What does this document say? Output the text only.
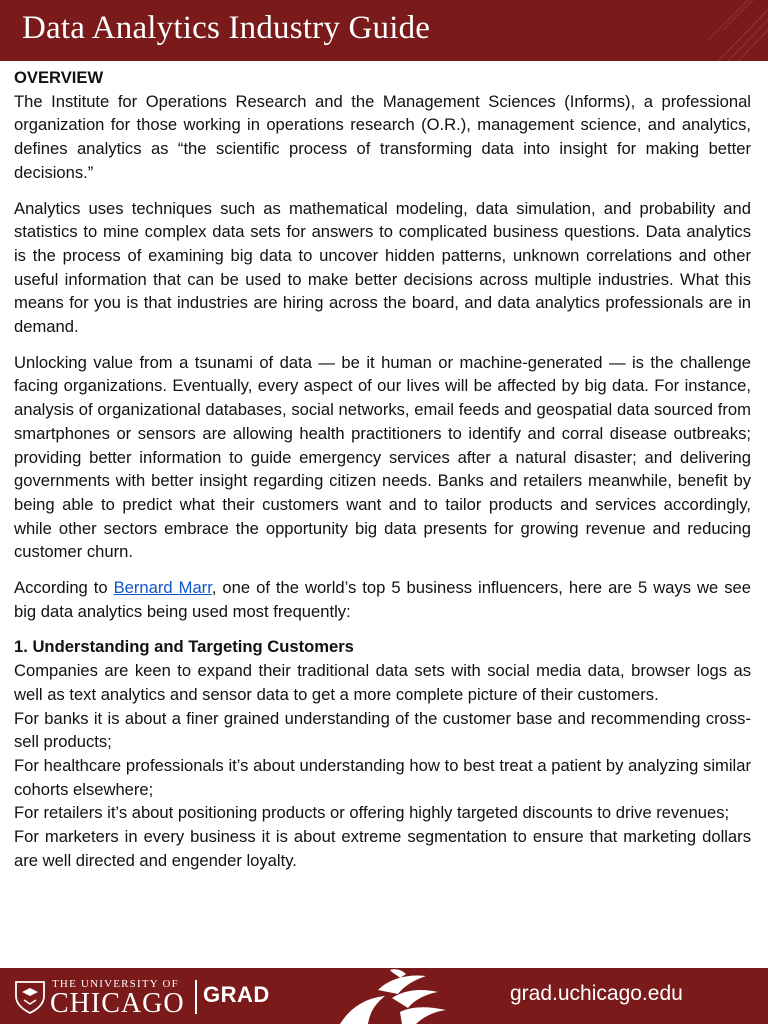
Data Analytics Industry Guide

OVERVIEW

The Institute for Operations Research and the Management Sciences (Informs), a professional organization for those working in operations research (O.R.), management science, and analytics, defines analytics as “the scientific process of transforming data into insight for making better decisions.”

Analytics uses techniques such as mathematical modeling, data simulation, and probability and statistics to mine complex data sets for answers to complicated business questions. Data analytics is the process of examining big data to uncover hidden patterns, unknown correlations and other useful information that can be used to make better decisions across multiple industries. What this means for you is that industries are hiring across the board, and data analytics professionals are in demand.

Unlocking value from a tsunami of data — be it human or machine-generated — is the challenge facing organizations. Eventually, every aspect of our lives will be affected by big data. For instance, analysis of organizational databases, social networks, email feeds and geospatial data sourced from smartphones or sensors are allowing health practitioners to identify and corral disease outbreaks; providing better information to guide emergency services after a natural disaster; and delivering governments with better insight regarding citizen needs. Banks and retailers meanwhile, benefit by being able to predict what their customers want and to tailor products and services accordingly, while other sectors embrace the opportunity big data presents for growing revenue and reducing customer churn.

According to Bernard Marr, one of the world’s top 5 business influencers, here are 5 ways we see big data analytics being used most frequently:

1. Understanding and Targeting Customers

Companies are keen to expand their traditional data sets with social media data, browser logs as well as text analytics and sensor data to get a more complete picture of their customers.

For banks it is about a finer grained understanding of the customer base and recommending cross-sell products;

For healthcare professionals it’s about understanding how to best treat a patient by analyzing similar cohorts elsewhere;

For retailers it’s about positioning products or offering highly targeted discounts to drive revenues;

For marketers in every business it is about extreme segmentation to ensure that marketing dollars are well directed and engender loyalty.

THE UNIVERSITY OF
CHICAGO GRAD	grad.uchicago.edu
